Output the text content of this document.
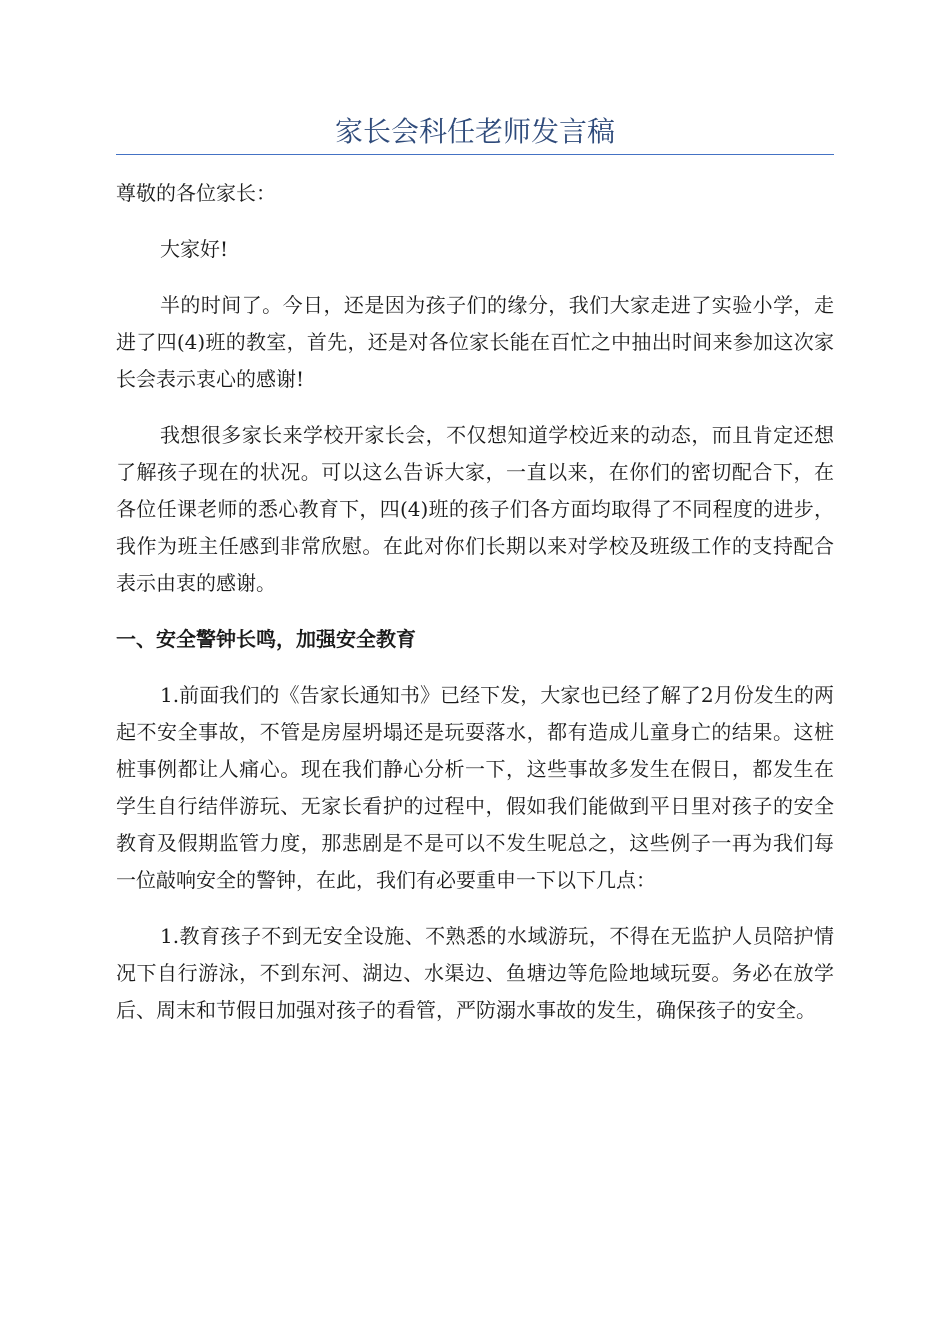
家长会科任老师发言稿

尊敬的各位家长：

大家好!

半的时间了。今日，还是因为孩子们的缘分，我们大家走进了实验小学，走进了四(4)班的教室，首先，还是对各位家长能在百忙之中抽出时间来参加这次家长会表示衷心的感谢!

我想很多家长来学校开家长会，不仅想知道学校近来的动态，而且肯定还想了解孩子现在的状况。可以这么告诉大家，一直以来，在你们的密切配合下，在各位任课老师的悉心教育下，四(4)班的孩子们各方面均取得了不同程度的进步，我作为班主任感到非常欣慰。在此对你们长期以来对学校及班级工作的支持配合表示由衷的感谢。

一、安全警钟长鸣，加强安全教育

1.前面我们的《告家长通知书》已经下发，大家也已经了解了2月份发生的两起不安全事故，不管是房屋坍塌还是玩耍落水，都有造成儿童身亡的结果。这桩桩事例都让人痛心。现在我们静心分析一下，这些事故多发生在假日，都发生在学生自行结伴游玩、无家长看护的过程中，假如我们能做到平日里对孩子的安全教育及假期监管力度，那悲剧是不是可以不发生呢总之，这些例子一再为我们每一位敲响安全的警钟，在此，我们有必要重申一下以下几点：

1.教育孩子不到无安全设施、不熟悉的水域游玩，不得在无监护人员陪护情况下自行游泳，不到东河、湖边、水渠边、鱼塘边等危险地域玩耍。务必在放学后、周末和节假日加强对孩子的看管，严防溺水事故的发生，确保孩子的安全。
